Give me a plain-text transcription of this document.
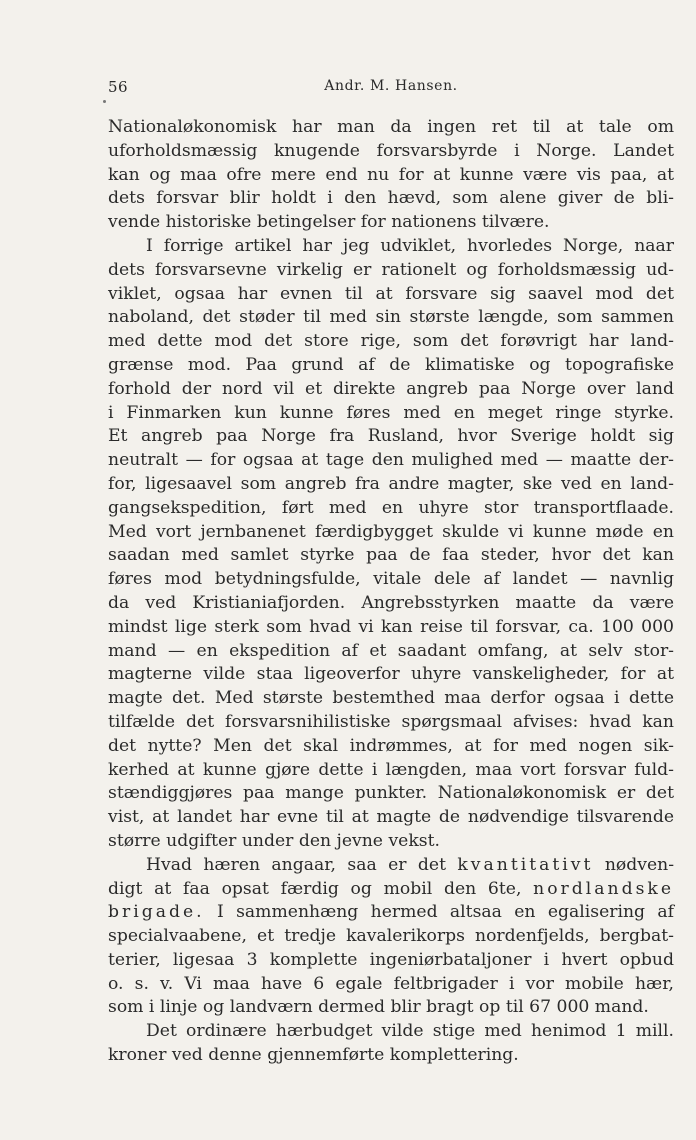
56	Andr. M. Hansen.
Nationaløkonomisk har man da ingen ret til at tale om
uforholdsmæssig knugende forsvarsbyrde i Norge. Landet
kan og maa ofre mere end nu for at kunne være vis paa, at
dets forsvar blir holdt i den hævd, som alene giver de bli-
vende historiske betingelser for nationens tilvære.
I forrige artikel har jeg udviklet, hvorledes Norge, naar
dets forsvarsevne virkelig er rationelt og forholdsmæssig ud-
viklet, ogsaa har evnen til at forsvare sig saavel mod det
naboland, det støder til med sin største længde, som sammen
med dette mod det store rige, som det forøvrigt har land-
grænse mod. Paa grund af de klimatiske og topografiske
forhold der nord vil et direkte angreb paa Norge over land
i Finmarken kun kunne føres med en meget ringe styrke.
Et angreb paa Norge fra Rusland, hvor Sverige holdt sig
neutralt — for ogsaa at tage den mulighed med — maatte der-
for, ligesaavel som angreb fra andre magter, ske ved en land-
gangsekspedition, ført med en uhyre stor transportflaade.
Med vort jernbanenet færdigbygget skulde vi kunne møde en
saadan med samlet styrke paa de faa steder, hvor det kan
føres mod betydningsfulde, vitale dele af landet — navnlig
da ved Kristianiafjorden. Angrebsstyrken maatte da være
mindst lige sterk som hvad vi kan reise til forsvar, ca. 100 000
mand — en ekspedition af et saadant omfang, at selv stor-
magterne vilde staa ligeoverfor uhyre vanskeligheder, for at
magte det. Med største bestemthed maa derfor ogsaa i dette
tilfælde det forsvarsnihilistiske spørgsmaal afvises: hvad kan
det nytte? Men det skal indrømmes, at for med nogen sik-
kerhed at kunne gjøre dette i længden, maa vort forsvar fuld-
stændiggjøres paa mange punkter. Nationaløkonomisk er det
vist, at landet har evne til at magte de nødvendige tilsvarende
større udgifter under den jevne vekst.
Hvad hæren angaar, saa er det kvantitativt nødven-
digt at faa opsat færdig og mobil den 6te, nordlandske
brigade. I sammenhæng hermed altsaa en egalisering af
specialvaabene, et tredje kavalerikorps nordenfjelds, bergbat-
terier, ligesaa 3 komplette ingeniørbataljoner i hvert opbud
o. s. v. Vi maa have 6 egale feltbrigader i vor mobile hær,
som i linje og landværn dermed blir bragt op til 67 000 mand.
Det ordinære hærbudget vilde stige med henimod 1 mill.
kroner ved denne gjennemførte komplettering.
